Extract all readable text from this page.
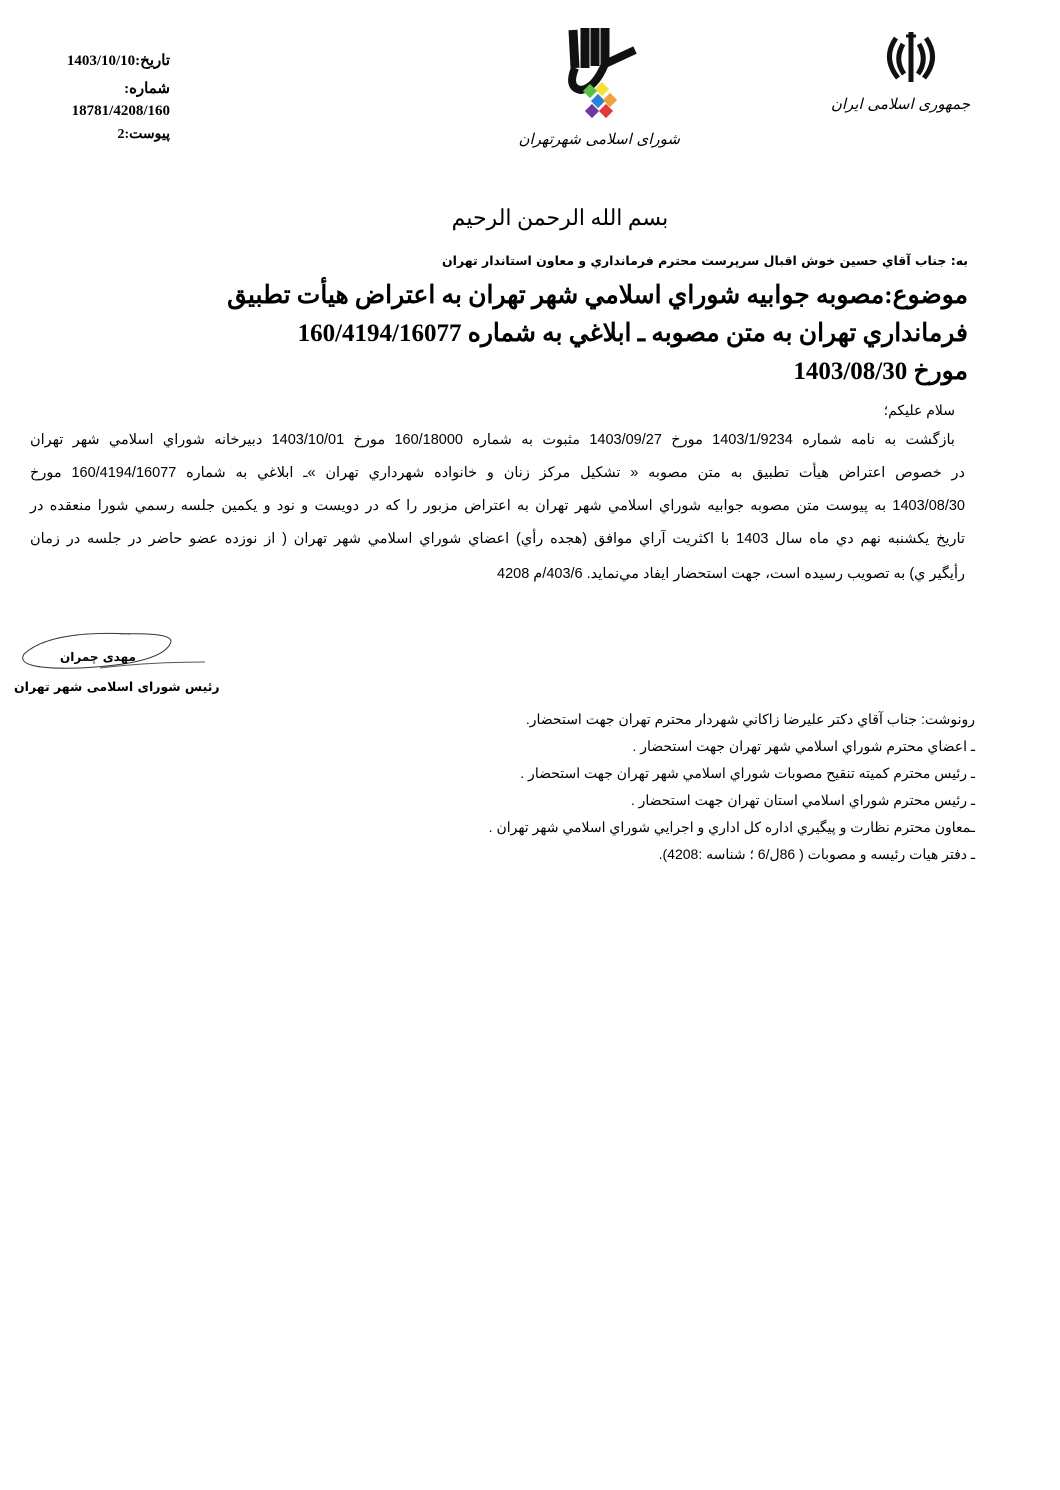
تاريخ:1403/10/10
شماره:
18781/4208/160
پيوست:2	شورای اسلامی شهرتهران
جمهوری اسلامی ایران
بسم الله الرحمن الرحيم
به: جناب آقاي حسين خوش اقبال سرپرست محترم فرمانداري و معاون استاندار تهران
موضوع:مصوبه جوابيه شوراي اسلامي شهر تهران به اعتراض هيأت تطبيق
فرمانداري تهران به متن مصوبه ـ ابلاغي به شماره 160/4194/16077
مورخ 1403/08/30
سلام عليكم؛
بازگشت به نامه شماره 1403/1/9234 مورخ 1403/09/27 مثبوت به شماره 160/18000 مورخ 1403/10/01 دبيرخانه شوراي اسلامي شهر تهران
در خصوص اعتراض هيأت تطبيق به متن مصوبه « تشكيل مركز زنان و خانواده شهرداري تهران »ـ ابلاغي به شماره 160/4194/16077 مورخ
1403/08/30 به پيوست متن مصوبه جوابيه شوراي اسلامي شهر تهران به اعتراض مزبور را كه در دويست و نود و يكمين جلسه رسمي شورا منعقده در
تاريخ يكشنبه نهم دي ماه سال 1403 با اكثريت آراي موافق (هجده رأي) اعضاي شوراي اسلامي شهر تهران ( از نوزده عضو حاضر در جلسه در زمان
رأيگير ي) به تصويب رسيده است، جهت استحضار ايفاد مي‌نمايد. 403/6/م 4208
مهدی چمران
رئیس شورای اسلامی شهر تهران
رونوشت: جناب آقاي دكتر عليرضا زاكاني شهردار محترم تهران جهت استحضار.
ـ اعضاي محترم شوراي اسلامي شهر تهران جهت استحضار .
ـ رئيس محترم كميته تنقيح مصوبات شوراي اسلامي شهر تهران جهت استحضار .
ـ رئيس محترم شوراي اسلامي استان تهران جهت استحضار .
ـمعاون محترم نظارت و پيگيري اداره كل اداري و اجرايي شوراي اسلامي شهر تهران .
ـ دفتر هيات رئيسه و مصوبات ( 86ل/6 ؛ شناسه :4208).
